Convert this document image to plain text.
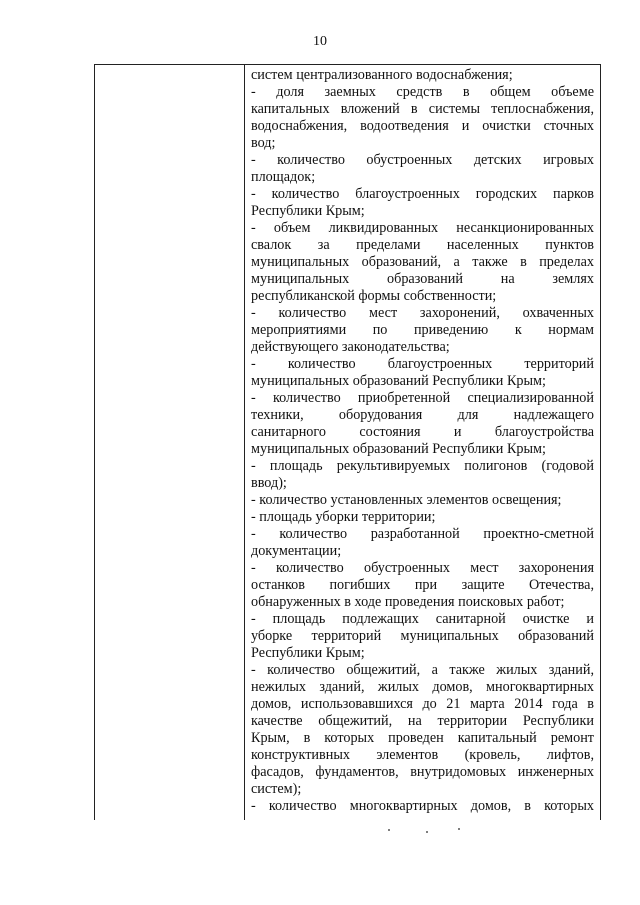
10
систем централизованного водоснабжения;
- доля заемных средств в общем объеме
капитальных вложений в системы теплоснабжения,
водоснабжения, водоотведения и очистки сточных
вод;
- количество обустроенных детских игровых
площадок;
- количество благоустроенных городских парков
Республики Крым;
- объем ликвидированных несанкционированных
свалок за пределами населенных пунктов
муниципальных образований, а также в пределах
муниципальных образований на землях
республиканской формы собственности;
- количество мест захоронений, охваченных
мероприятиями по приведению к нормам
действующего законодательства;
- количество благоустроенных территорий
муниципальных образований Республики Крым;
- количество приобретенной специализированной
техники, оборудования для надлежащего
санитарного состояния и благоустройства
муниципальных образований Республики Крым;
- площадь рекультивируемых полигонов (годовой
ввод);
- количество установленных элементов освещения;
- площадь уборки территории;
- количество разработанной проектно-сметной
документации;
- количество обустроенных мест захоронения
останков погибших при защите Отечества,
обнаруженных в ходе проведения поисковых работ;
- площадь подлежащих санитарной очистке и
уборке территорий муниципальных образований
Республики Крым;
- количество общежитий, а также жилых зданий,
нежилых зданий, жилых домов, многоквартирных
домов, использовавшихся до 21 марта 2014 года в
качестве общежитий, на территории Республики
Крым, в которых проведен капитальный ремонт
конструктивных элементов (кровель, лифтов,
фасадов, фундаментов, внутридомовых инженерных
систем);
- количество многоквартирных домов, в которых
